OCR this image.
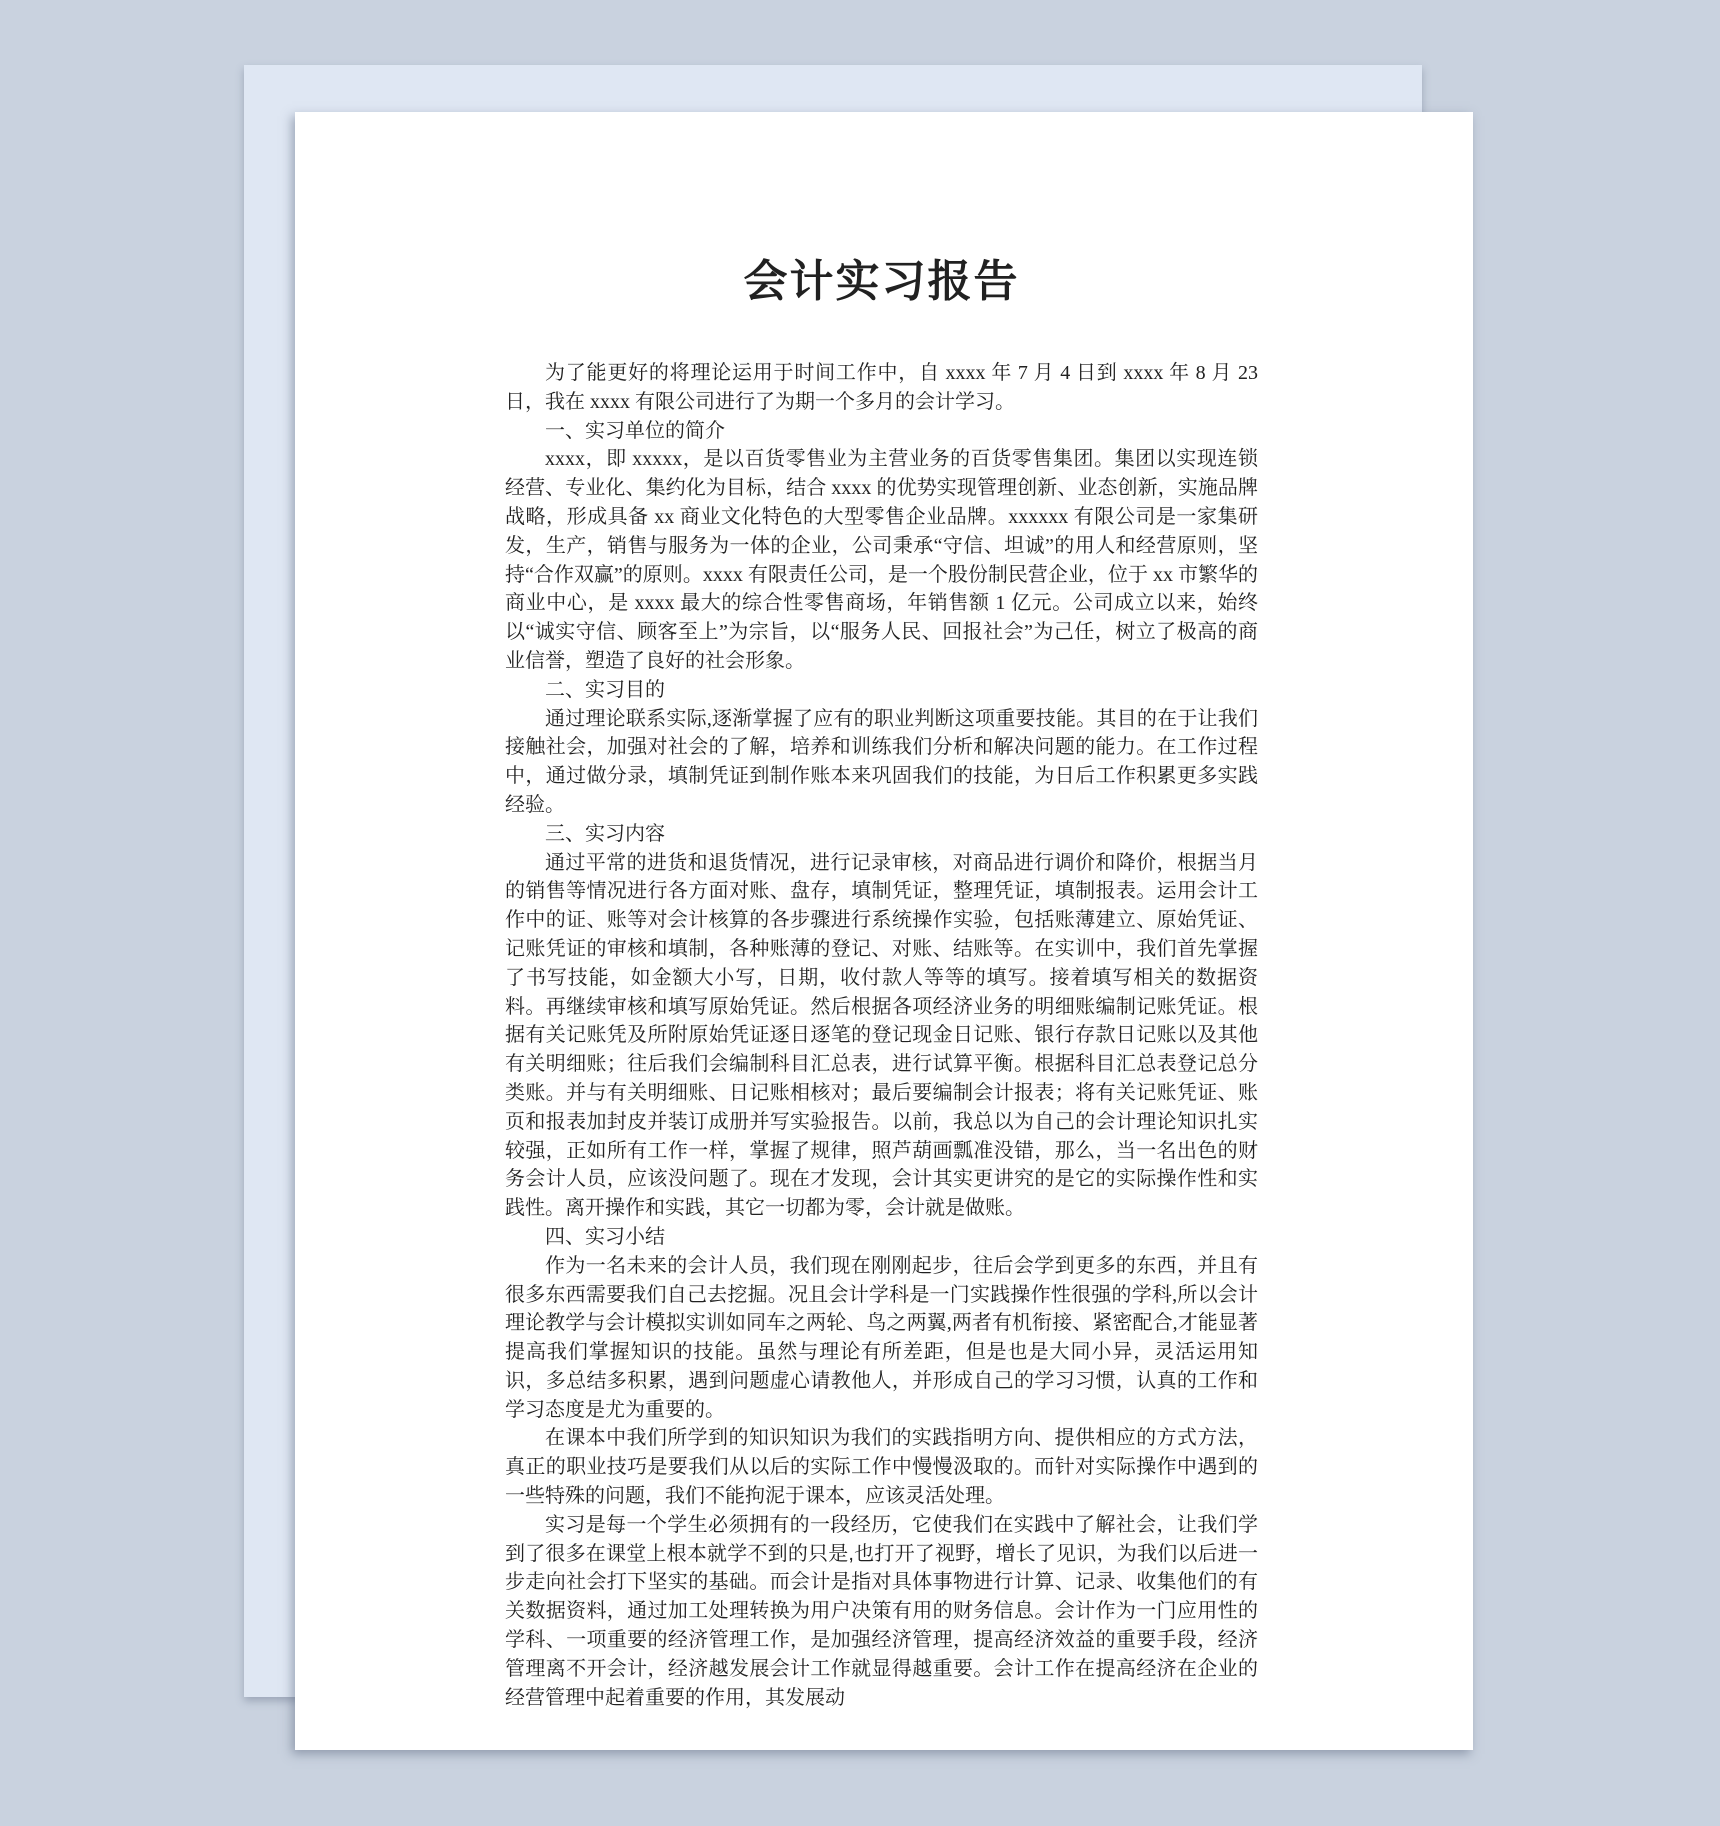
会计实习报告

为了能更好的将理论运用于时间工作中，自 xxxx 年 7 月 4 日到 xxxx 年 8 月 23 日，我在 xxxx 有限公司进行了为期一个多月的会计学习。

一、实习单位的简介

xxxx，即 xxxxx，是以百货零售业为主营业务的百货零售集团。集团以实现连锁经营、专业化、集约化为目标，结合 xxxx 的优势实现管理创新、业态创新，实施品牌战略，形成具备 xx 商业文化特色的大型零售企业品牌。xxxxxx 有限公司是一家集研发，生产，销售与服务为一体的企业，公司秉承“守信、坦诚”的用人和经营原则，坚持“合作双赢”的原则。xxxx 有限责任公司，是一个股份制民营企业，位于 xx 市繁华的商业中心，是 xxxx 最大的综合性零售商场，年销售额 1 亿元。公司成立以来，始终以“诚实守信、顾客至上”为宗旨，以“服务人民、回报社会”为己任，树立了极高的商业信誉，塑造了良好的社会形象。

二、实习目的

通过理论联系实际,逐渐掌握了应有的职业判断这项重要技能。其目的在于让我们接触社会，加强对社会的了解，培养和训练我们分析和解决问题的能力。在工作过程中，通过做分录，填制凭证到制作账本来巩固我们的技能，为日后工作积累更多实践经验。

三、实习内容

通过平常的进货和退货情况，进行记录审核，对商品进行调价和降价，根据当月的销售等情况进行各方面对账、盘存，填制凭证，整理凭证，填制报表。运用会计工作中的证、账等对会计核算的各步骤进行系统操作实验，包括账薄建立、原始凭证、记账凭证的审核和填制，各种账薄的登记、对账、结账等。在实训中，我们首先掌握了书写技能，如金额大小写，日期，收付款人等等的填写。接着填写相关的数据资料。再继续审核和填写原始凭证。然后根据各项经济业务的明细账编制记账凭证。根据有关记账凭及所附原始凭证逐日逐笔的登记现金日记账、银行存款日记账以及其他有关明细账；往后我们会编制科目汇总表，进行试算平衡。根据科目汇总表登记总分类账。并与有关明细账、日记账相核对；最后要编制会计报表；将有关记账凭证、账页和报表加封皮并装订成册并写实验报告。以前，我总以为自己的会计理论知识扎实较强，正如所有工作一样，掌握了规律，照芦葫画瓢准没错，那么，当一名出色的财务会计人员，应该没问题了。现在才发现，会计其实更讲究的是它的实际操作性和实践性。离开操作和实践，其它一切都为零，会计就是做账。

四、实习小结

作为一名未来的会计人员，我们现在刚刚起步，往后会学到更多的东西，并且有很多东西需要我们自己去挖掘。况且会计学科是一门实践操作性很强的学科,所以会计理论教学与会计模拟实训如同车之两轮、鸟之两翼,两者有机衔接、紧密配合,才能显著提高我们掌握知识的技能。虽然与理论有所差距，但是也是大同小异，灵活运用知识，多总结多积累，遇到问题虚心请教他人，并形成自己的学习习惯，认真的工作和学习态度是尤为重要的。

在课本中我们所学到的知识知识为我们的实践指明方向、提供相应的方式方法，真正的职业技巧是要我们从以后的实际工作中慢慢汲取的。而针对实际操作中遇到的一些特殊的问题，我们不能拘泥于课本，应该灵活处理。

实习是每一个学生必须拥有的一段经历，它使我们在实践中了解社会，让我们学到了很多在课堂上根本就学不到的只是,也打开了视野，增长了见识，为我们以后进一步走向社会打下坚实的基础。而会计是指对具体事物进行计算、记录、收集他们的有关数据资料，通过加工处理转换为用户决策有用的财务信息。会计作为一门应用性的学科、一项重要的经济管理工作，是加强经济管理，提高经济效益的重要手段，经济管理离不开会计，经济越发展会计工作就显得越重要。会计工作在提高经济在企业的经营管理中起着重要的作用，其发展动
